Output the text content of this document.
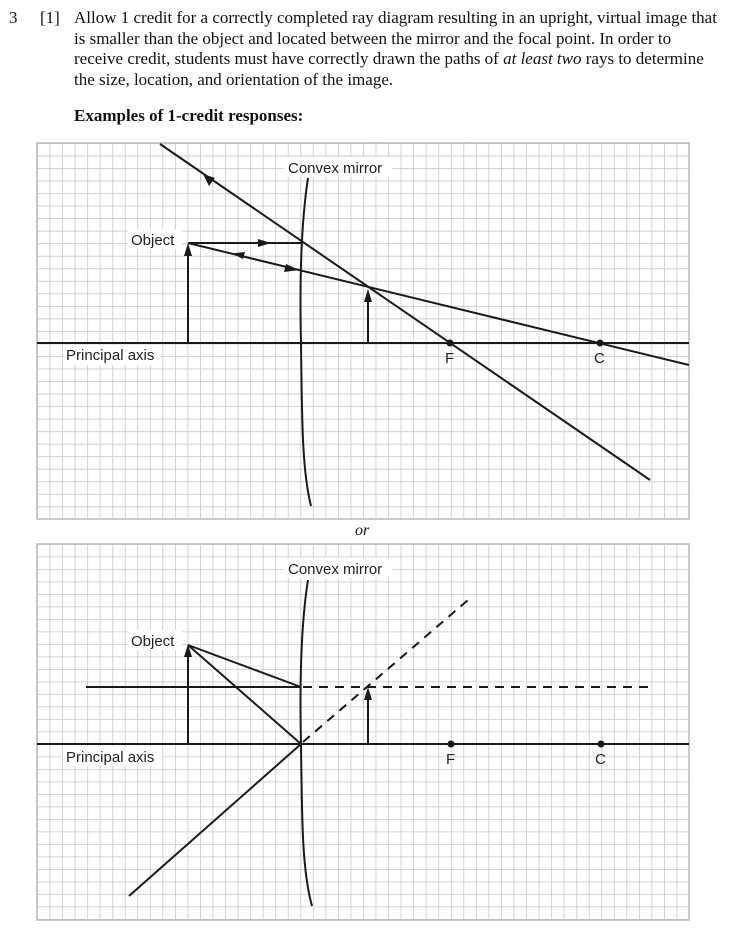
3 [1] Allow 1 credit for a correctly completed ray diagram resulting in an upright, virtual image that is smaller than the object and located between the mirror and the focal point. In order to receive credit, students must have correctly drawn the paths of at least two rays to determine the size, location, and orientation of the image.
Examples of 1-credit responses:
Convex mirror
Object
Principal axis	F	C
or
Convex mirror
Object
Principal axis	F	C
